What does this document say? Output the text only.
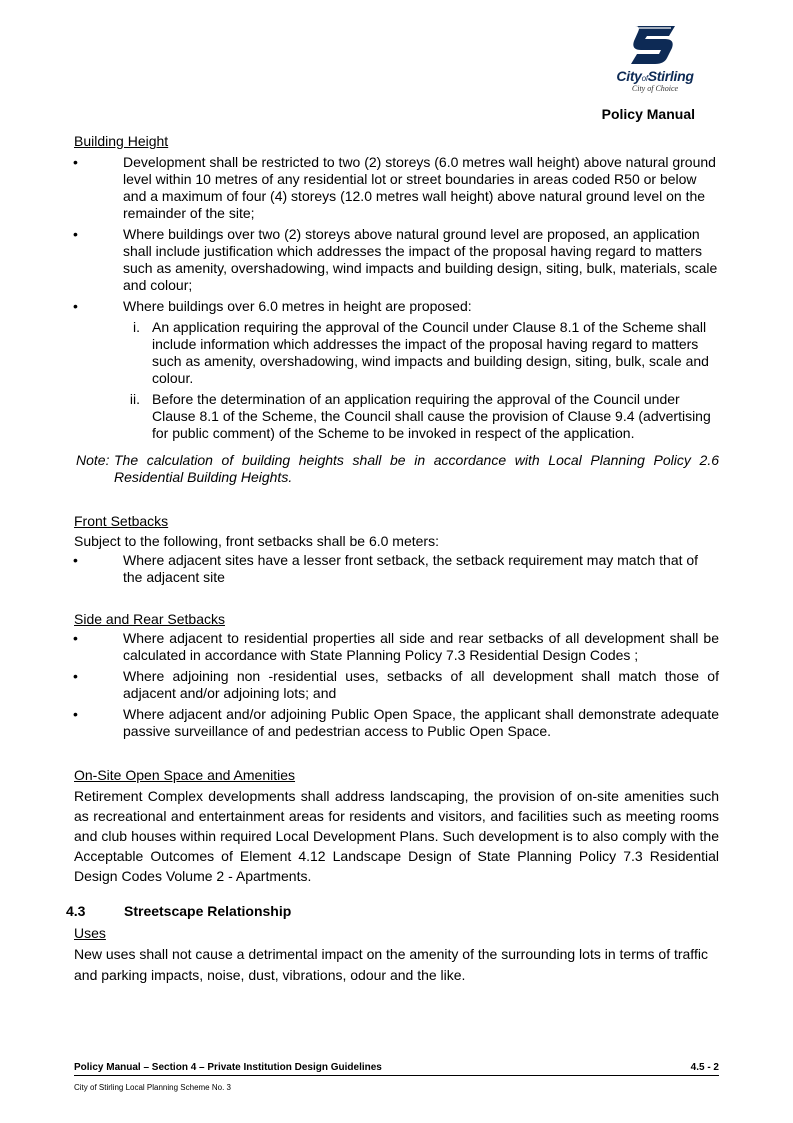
CityofStirling
City of Choice
Policy Manual

Building Height

•	Development shall be restricted to two (2) storeys (6.0 metres wall height) above natural ground level within 10 metres of any residential lot or street boundaries in areas coded R50 or below and a maximum of four (4) storeys (12.0 metres wall height) above natural ground level on the remainder of the site;
•	Where buildings over two (2) storeys above natural ground level are proposed, an application shall include justification which addresses the impact of the proposal having regard to matters such as amenity, overshadowing, wind impacts and building design, siting, bulk, materials, scale and colour;
•	Where buildings over 6.0 metres in height are proposed:
i. An application requiring the approval of the Council under Clause 8.1 of the Scheme shall include information which addresses the impact of the proposal having regard to matters such as amenity, overshadowing, wind impacts and building design, siting, bulk, scale and colour.
ii. Before the determination of an application requiring the approval of the Council under Clause 8.1 of the Scheme, the Council shall cause the provision of Clause 9.4 (advertising for public comment) of the Scheme to be invoked in respect of the application.
Note: The calculation of building heights shall be in accordance with Local Planning Policy 2.6 Residential Building Heights.

Front Setbacks

Subject to the following, front setbacks shall be 6.0 meters:

•	Where adjacent sites have a lesser front setback, the setback requirement may match that of the adjacent site

Side and Rear Setbacks

•	Where adjacent to residential properties all side and rear setbacks of all development shall be calculated in accordance with State Planning Policy 7.3 Residential Design Codes ;
•	Where adjoining non -residential uses, setbacks of all development shall match those of adjacent and/or adjoining lots; and
•	Where adjacent and/or adjoining Public Open Space, the applicant shall demonstrate adequate passive surveillance of and pedestrian access to Public Open Space.

On-Site Open Space and Amenities

Retirement Complex developments shall address landscaping, the provision of on-site amenities such as recreational and entertainment areas for residents and visitors, and facilities such as meeting rooms and club houses within required Local Development Plans. Such development is to also comply with the Acceptable Outcomes of Element 4.12 Landscape Design of State Planning Policy 7.3 Residential Design Codes Volume 2 - Apartments.

4.3	Streetscape Relationship

Uses

New uses shall not cause a detrimental impact on the amenity of the surrounding lots in terms of traffic and parking impacts, noise, dust, vibrations, odour and the like.

Policy Manual – Section 4 – Private Institution Design Guidelines	4.5 - 2
City of Stirling Local Planning Scheme No. 3
